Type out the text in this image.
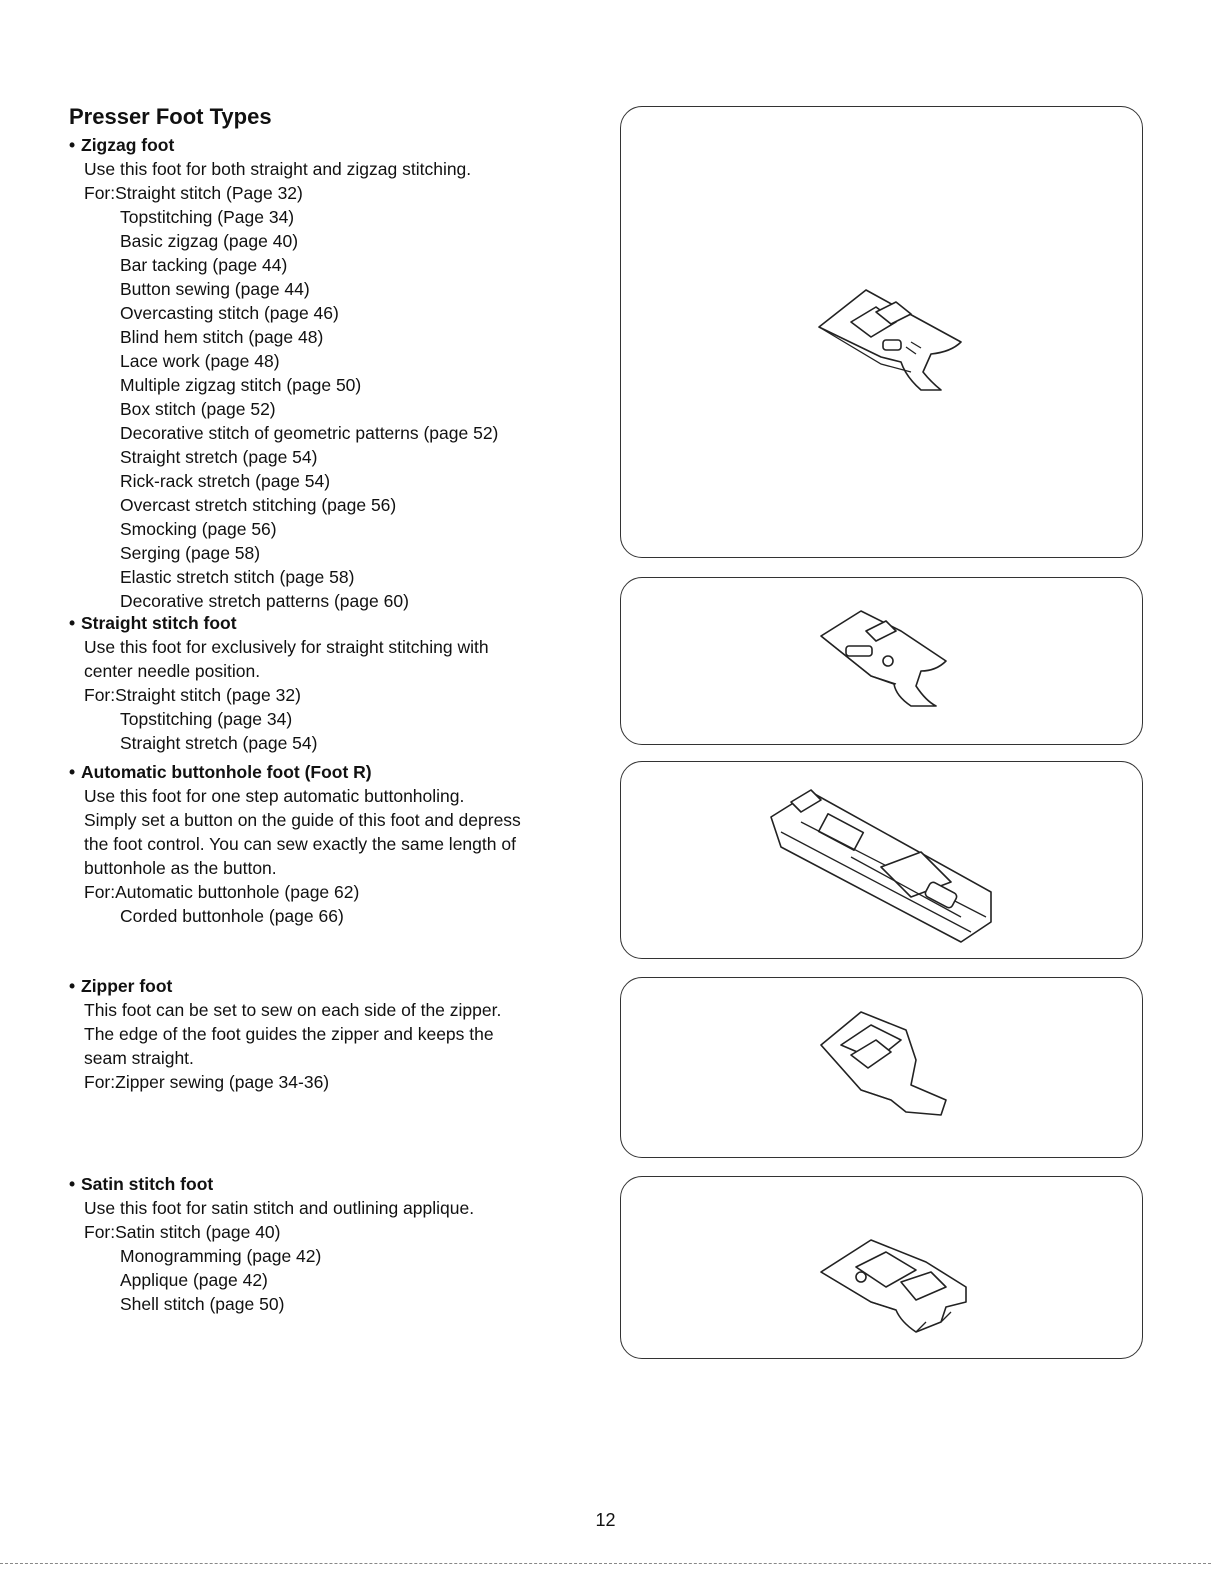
Presser Foot Types
• Zigzag foot
Use this foot for both straight and zigzag stitching.
For:Straight stitch (Page 32)
Topstitching (Page 34)
Basic zigzag (page 40)
Bar tacking (page 44)
Button sewing (page 44)
Overcasting stitch (page 46)
Blind hem stitch (page 48)
Lace work (page 48)
Multiple zigzag stitch (page 50)
Box stitch (page 52)
Decorative stitch of geometric patterns (page 52)
Straight stretch (page 54)
Rick-rack stretch (page 54)
Overcast stretch stitching (page 56)
Smocking (page 56)
Serging (page 58)
Elastic stretch stitch (page 58)
Decorative stretch patterns (page 60)
• Straight stitch foot
Use this foot for exclusively for straight stitching with
center needle position.
For:Straight stitch (page 32)
Topstitching (page 34)
Straight stretch (page 54)
• Automatic buttonhole foot (Foot R)
Use this foot for one step automatic buttonholing.
Simply set a button on the guide of this foot and depress
the foot control. You can sew exactly the same length of
buttonhole as the button.
For:Automatic buttonhole (page 62)
Corded buttonhole (page 66)
• Zipper foot
This foot can be set to sew on each side of the zipper.
The edge of the foot guides the zipper and keeps the
seam straight.
For:Zipper sewing (page 34-36)
• Satin stitch foot
Use this foot for satin stitch and outlining applique.
For:Satin stitch (page 40)
Monogramming (page 42)
Applique (page 42)
Shell stitch (page 50)
12
